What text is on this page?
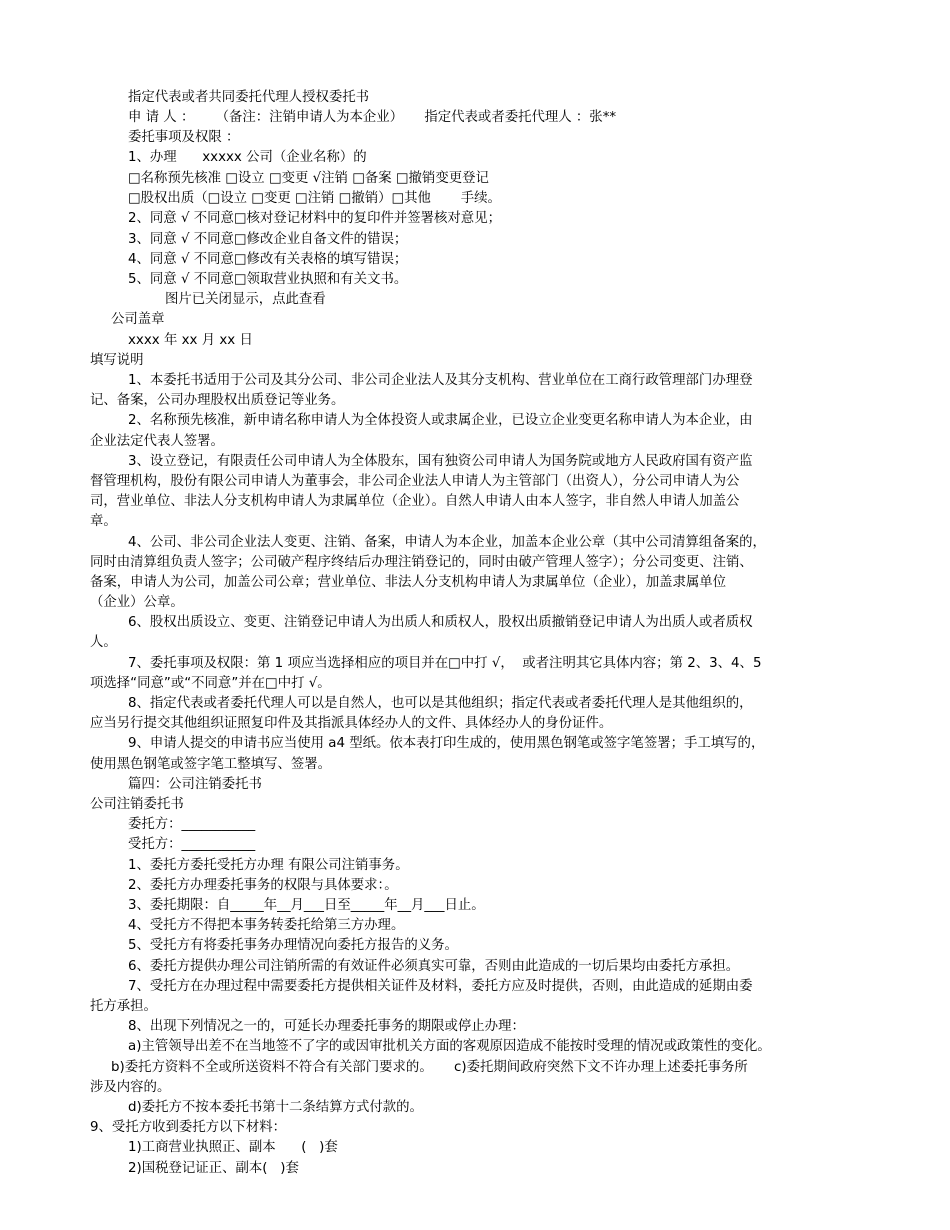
指定代表或者共同委托代理人授权委托书
申 请 人 ：     （备注：注销申请人为本企业）     指定代表或者委托代理人 ：张**
委托事项及权限 ：
1、办理      xxxxx 公司（企业名称）的
□名称预先核准 □设立 □变更 √注销 □备案 □撤销变更登记
□股权出质（□设立 □变更 □注销 □撤销）□其他       手续。
2、同意 √ 不同意□核对登记材料中的复印件并签署核对意见；
3、同意 √ 不同意□修改企业自备文件的错误；
4、同意 √ 不同意□修改有关表格的填写错误；
5、同意 √ 不同意□领取营业执照和有关文书。
图片已关闭显示，点此查看
公司盖章
xxxx 年 xx 月 xx 日
填写说明
1、本委托书适用于公司及其分公司、非公司企业法人及其分支机构、营业单位在工商行政管理部门办理登
记、备案，公司办理股权出质登记等业务。
2、名称预先核准，新申请名称申请人为全体投资人或隶属企业，已设立企业变更名称申请人为本企业，由
企业法定代表人签署。
3、设立登记，有限责任公司申请人为全体股东，国有独资公司申请人为国务院或地方人民政府国有资产监
督管理机构，股份有限公司申请人为董事会，非公司企业法人申请人为主管部门（出资人），分公司申请人为公
司，营业单位、非法人分支机构申请人为隶属单位（企业）。自然人申请人由本人签字，非自然人申请人加盖公
章。
4、公司、非公司企业法人变更、注销、备案，申请人为本企业，加盖本企业公章（其中公司清算组备案的，
同时由清算组负责人签字；公司破产程序终结后办理注销登记的，同时由破产管理人签字）；分公司变更、注销、
备案，申请人为公司，加盖公司公章；营业单位、非法人分支机构申请人为隶属单位（企业），加盖隶属单位
（企业）公章。
6、股权出质设立、变更、注销登记申请人为出质人和质权人，股权出质撤销登记申请人为出质人或者质权
人。
7、委托事项及权限：第 1 项应当选择相应的项目并在□中打 √，  或者注明其它具体内容；第 2、3、4、5
项选择“同意”或“不同意”并在□中打 √。
8、指定代表或者委托代理人可以是自然人，也可以是其他组织；指定代表或者委托代理人是其他组织的，
应当另行提交其他组织证照复印件及其指派具体经办人的文件、具体经办人的身份证件。
9、申请人提交的申请书应当使用 a4 型纸。依本表打印生成的，使用黑色钢笔或签字笔签署；手工填写的，
使用黑色钢笔或签字笔工整填写、签署。
篇四：公司注销委托书
公司注销委托书
委托方：___________
受托方：___________
1、委托方委托受托方办理 有限公司注销事务。
2、委托方办理委托事务的权限与具体要求：。
3、委托期限：自_____年__月___日至_____年__月___日止。
4、受托方不得把本事务转委托给第三方办理。
5、受托方有将委托事务办理情况向委托方报告的义务。
6、委托方提供办理公司注销所需的有效证件必须真实可靠，否则由此造成的一切后果均由委托方承担。
7、受托方在办理过程中需要委托方提供相关证件及材料，委托方应及时提供，否则，由此造成的延期由委
托方承担。
8、出现下列情况之一的，可延长办理委托事务的期限或停止办理：
a)主管领导出差不在当地签不了字的或因审批机关方面的客观原因造成不能按时受理的情况或政策性的变化。
b)委托方资料不全或所送资料不符合有关部门要求的。     c)委托期间政府突然下文不许办理上述委托事务所
涉及内容的。
d)委托方不按本委托书第十二条结算方式付款的。
9、受托方收到委托方以下材料：
1)工商营业执照正、副本      (   )套
2)国税登记证正、副本(   )套
